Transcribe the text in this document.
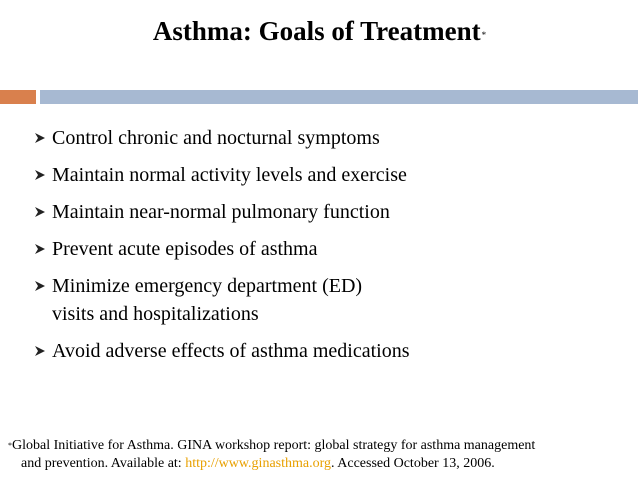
Asthma: Goals of Treatment*
Control chronic and nocturnal symptoms
Maintain normal activity levels and exercise
Maintain near-normal pulmonary function
Prevent acute episodes of asthma
Minimize emergency department (ED)
visits and hospitalizations
Avoid adverse effects of asthma medications
*Global Initiative for Asthma. GINA workshop report: global strategy for asthma management
and prevention. Available at: http://www.ginasthma.org. Accessed October 13, 2006.
